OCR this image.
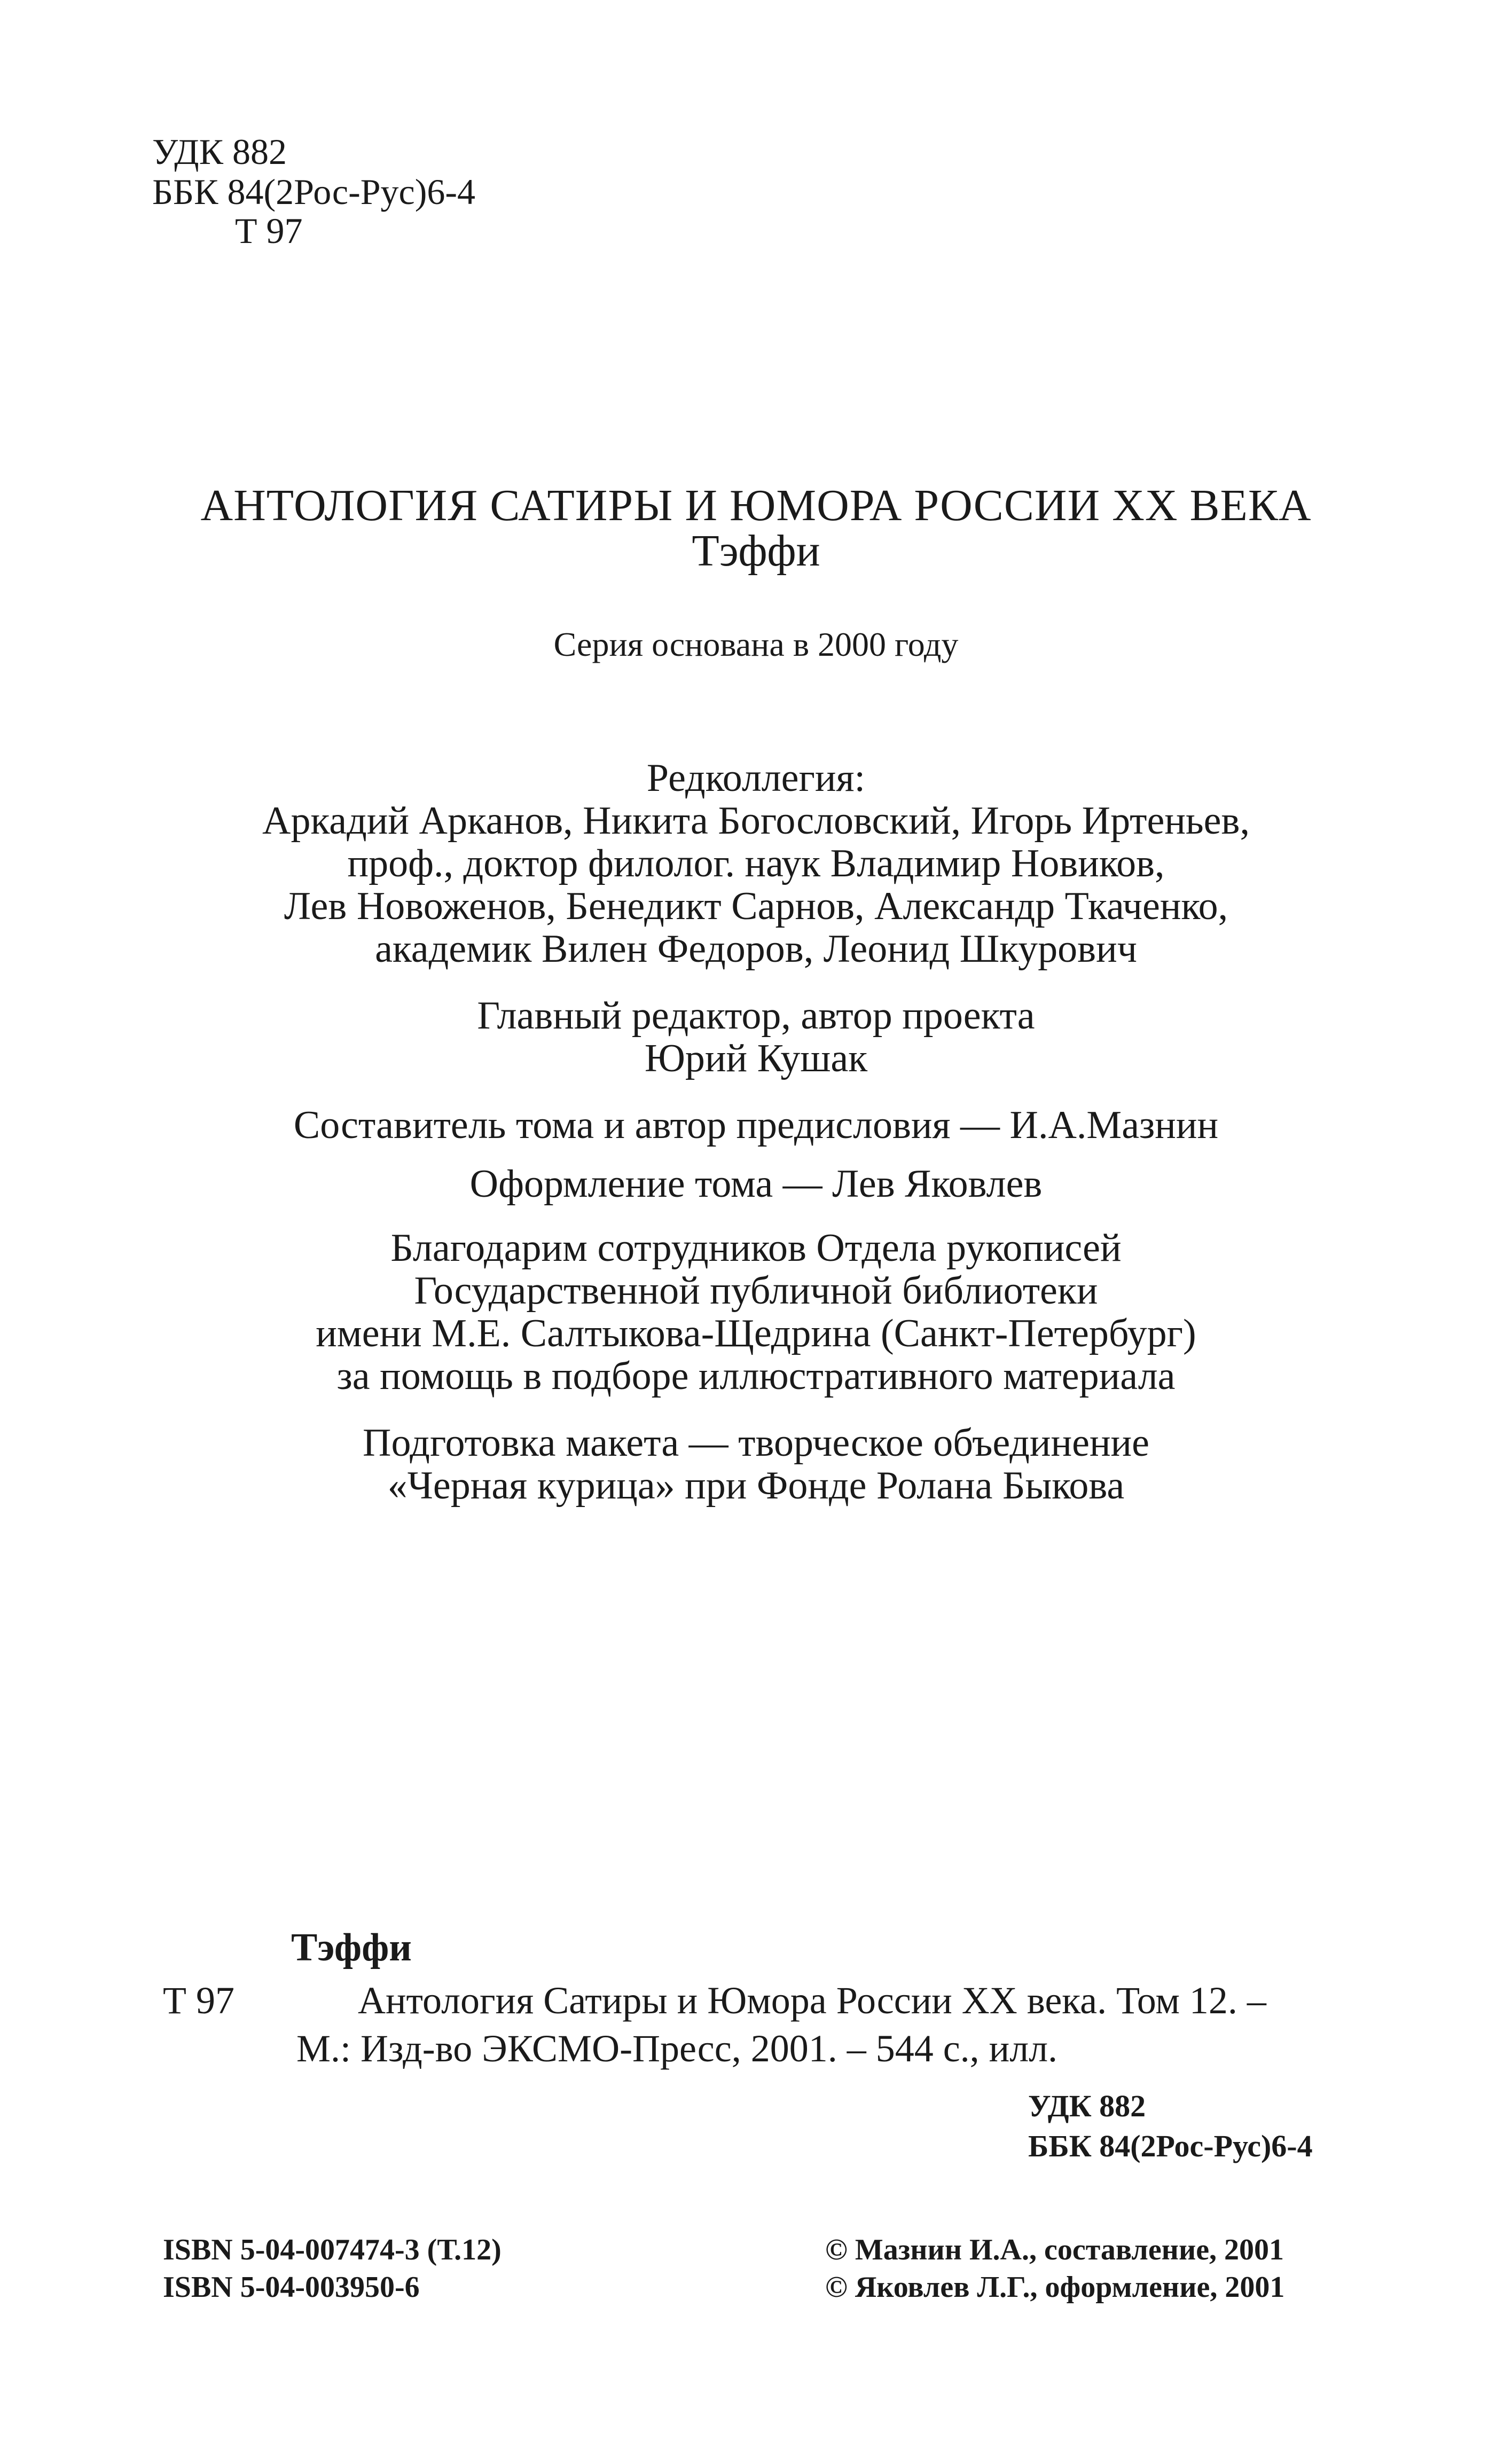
УДК 882
ББК 84(2Рос-Рус)6-4
Т 97
АНТОЛОГИЯ САТИРЫ И ЮМОРА РОССИИ XX ВЕКА
Тэффи
Серия основана в 2000 году
Редколлегия:
Аркадий Арканов, Никита Богословский, Игорь Иртеньев,
проф., доктор филолог. наук Владимир Новиков,
Лев Новоженов, Бенедикт Сарнов, Александр Ткаченко,
академик Вилен Федоров, Леонид Шкурович
Главный редактор, автор проекта
Юрий Кушак
Составитель тома и автор предисловия — И.А.Мазнин
Оформление тома — Лев Яковлев
Благодарим сотрудников Отдела рукописей
Государственной публичной библиотеки
имени М.Е. Салтыкова-Щедрина (Санкт-Петербург)
за помощь в подборе иллюстративного материала
Подготовка макета — творческое объединение
«Черная курица» при Фонде Ролана Быкова
Тэффи
Т 97	Антология Сатиры и Юмора России XX века. Том 12. –
М.: Изд-во ЭКСМО-Пресс, 2001. – 544 с., илл.
УДК 882
ББК 84(2Рос-Рус)6-4
ISBN 5-04-007474-3 (Т.12)
ISBN 5-04-003950-6
© Мазнин И.А., составление, 2001
© Яковлев Л.Г., оформление, 2001
